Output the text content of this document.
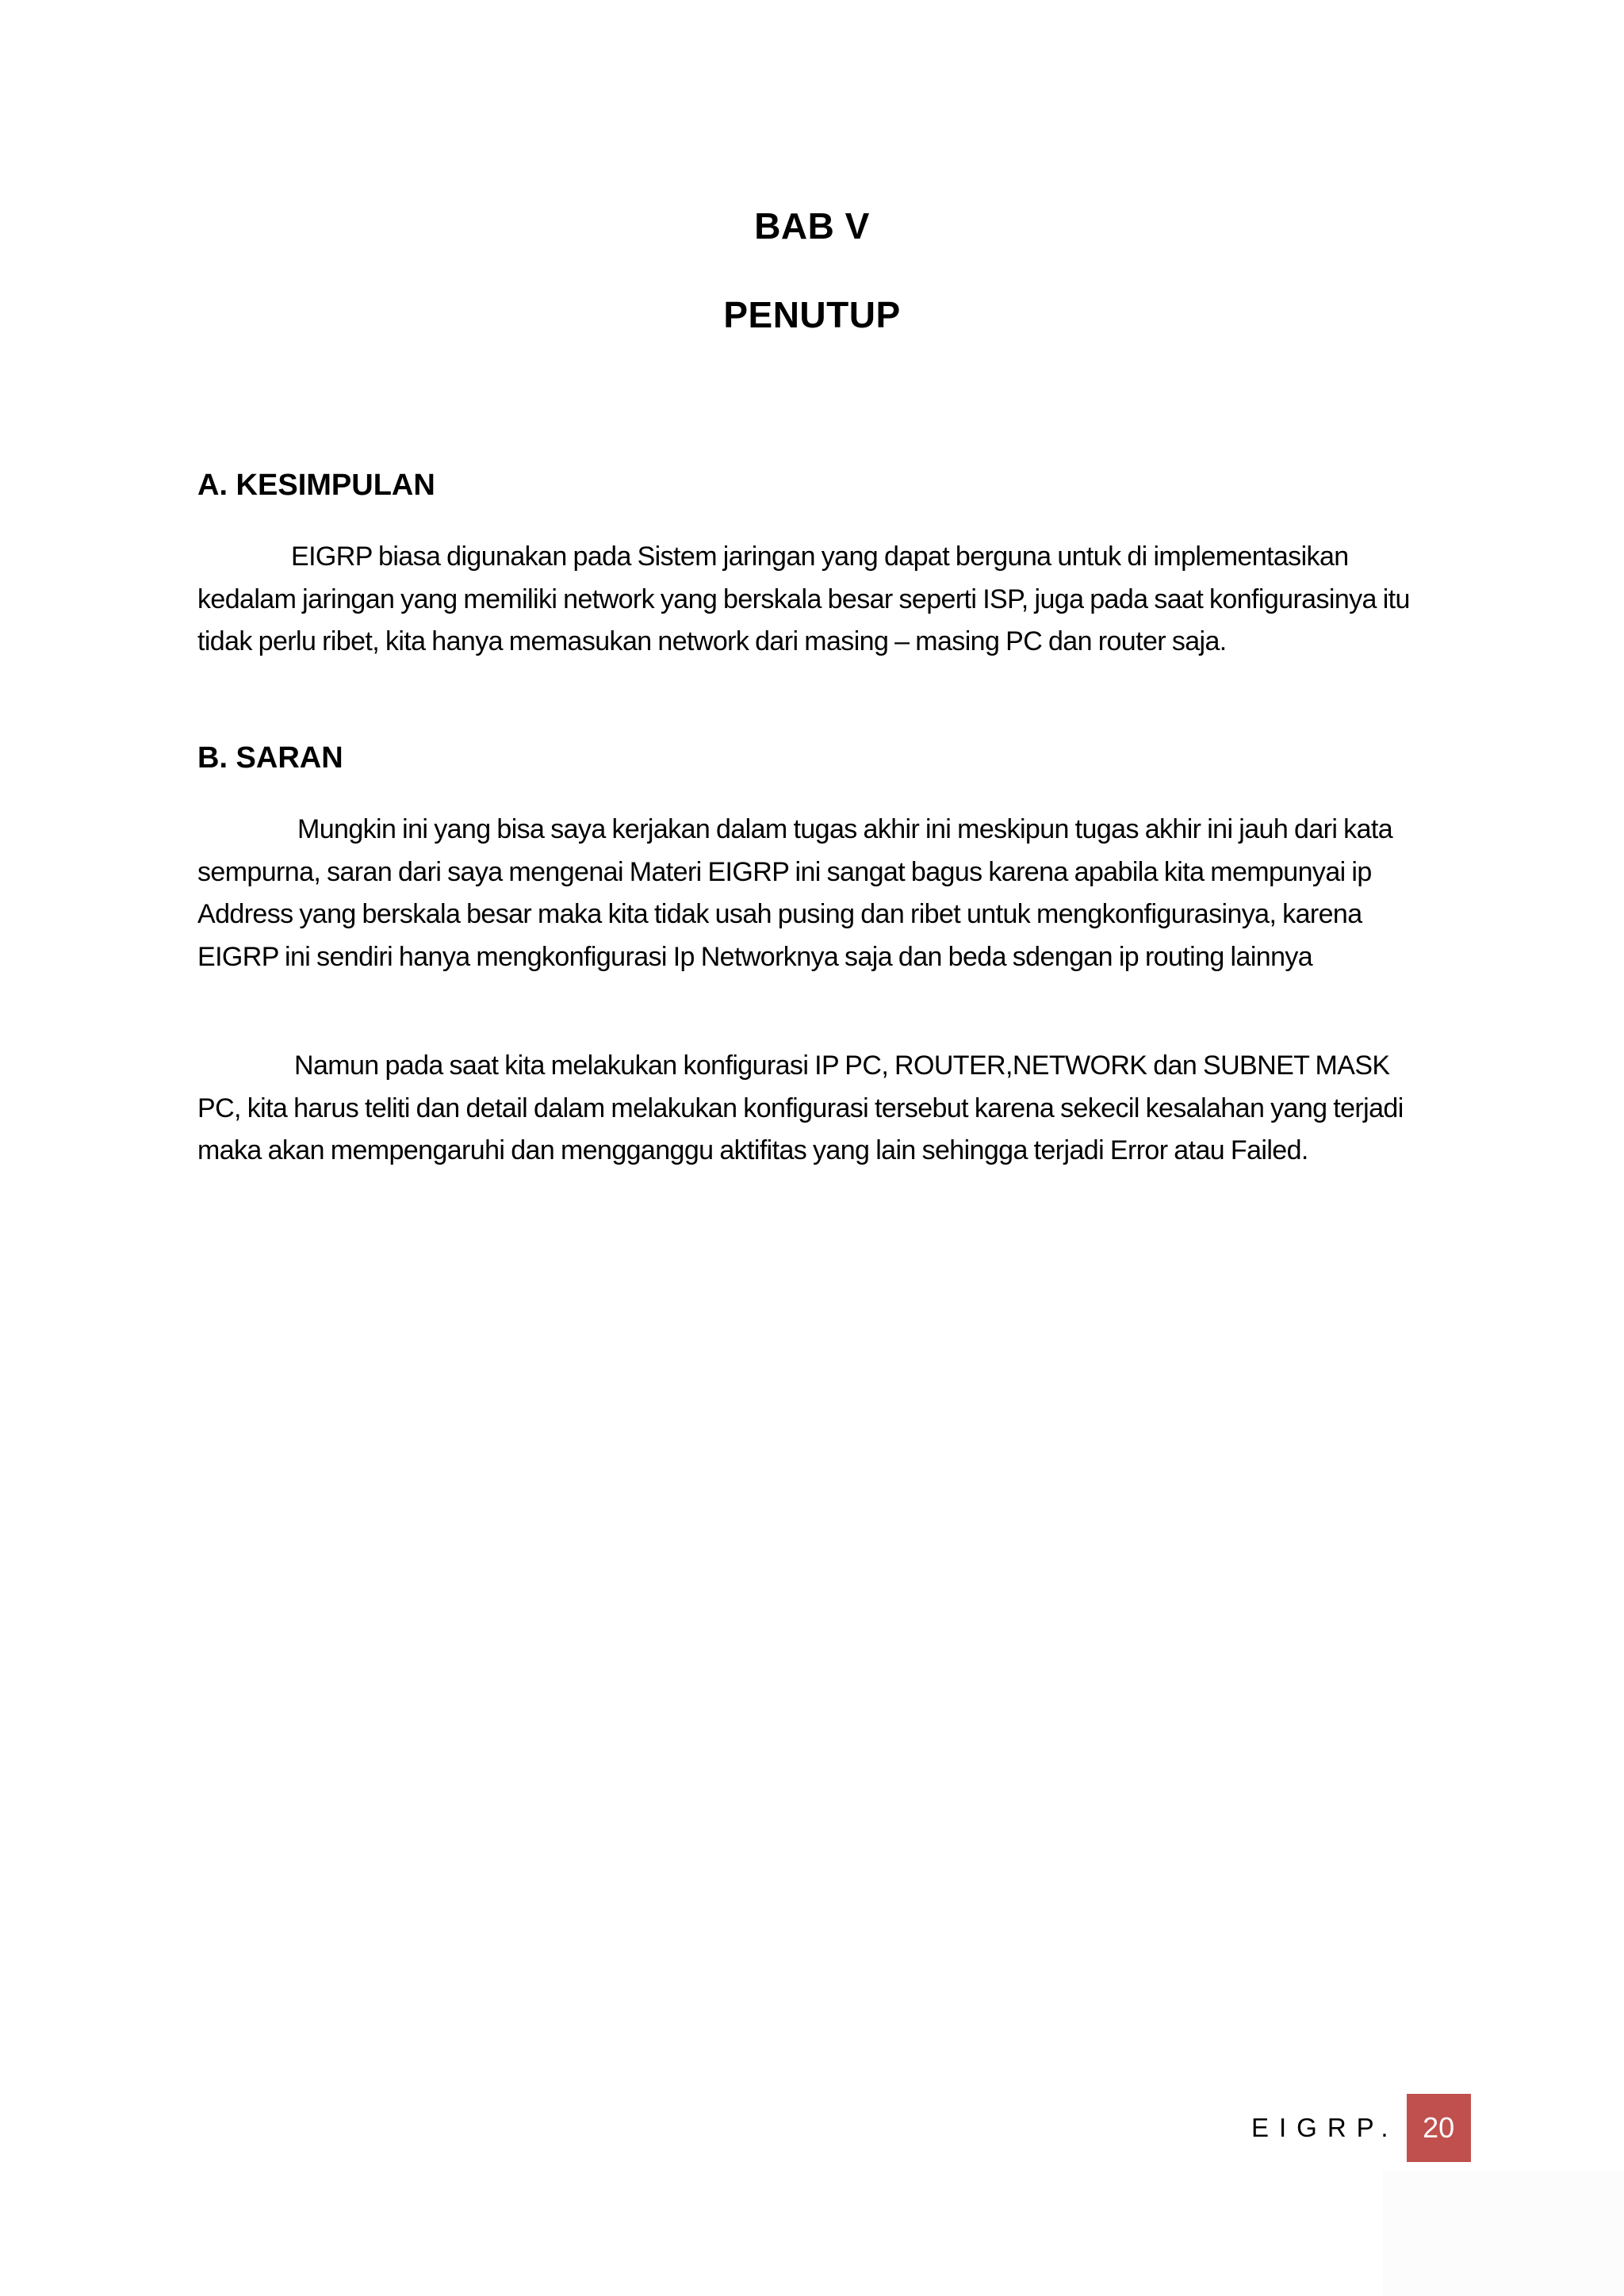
BAB V
PENUTUP
A. KESIMPULAN

EIGRP biasa digunakan pada Sistem jaringan yang dapat berguna untuk di implementasikan kedalam jaringan yang memiliki network yang berskala besar seperti ISP, juga pada saat konfigurasinya itu tidak perlu ribet, kita hanya memasukan network dari masing – masing PC dan router saja.

B. SARAN

Mungkin ini yang bisa saya kerjakan dalam tugas akhir ini meskipun tugas akhir ini jauh dari kata sempurna, saran dari saya mengenai Materi EIGRP ini sangat bagus karena apabila kita mempunyai ip Address yang berskala besar maka kita tidak usah pusing dan ribet untuk mengkonfigurasinya, karena EIGRP ini sendiri hanya mengkonfigurasi Ip Networknya saja dan beda sdengan ip routing lainnya

Namun pada saat kita melakukan konfigurasi IP PC, ROUTER,NETWORK dan SUBNET MASK PC, kita harus teliti dan detail dalam melakukan konfigurasi tersebut karena sekecil kesalahan yang terjadi maka akan mempengaruhi dan mengganggu aktifitas yang lain sehingga terjadi Error atau Failed.

EIGRP. 20
